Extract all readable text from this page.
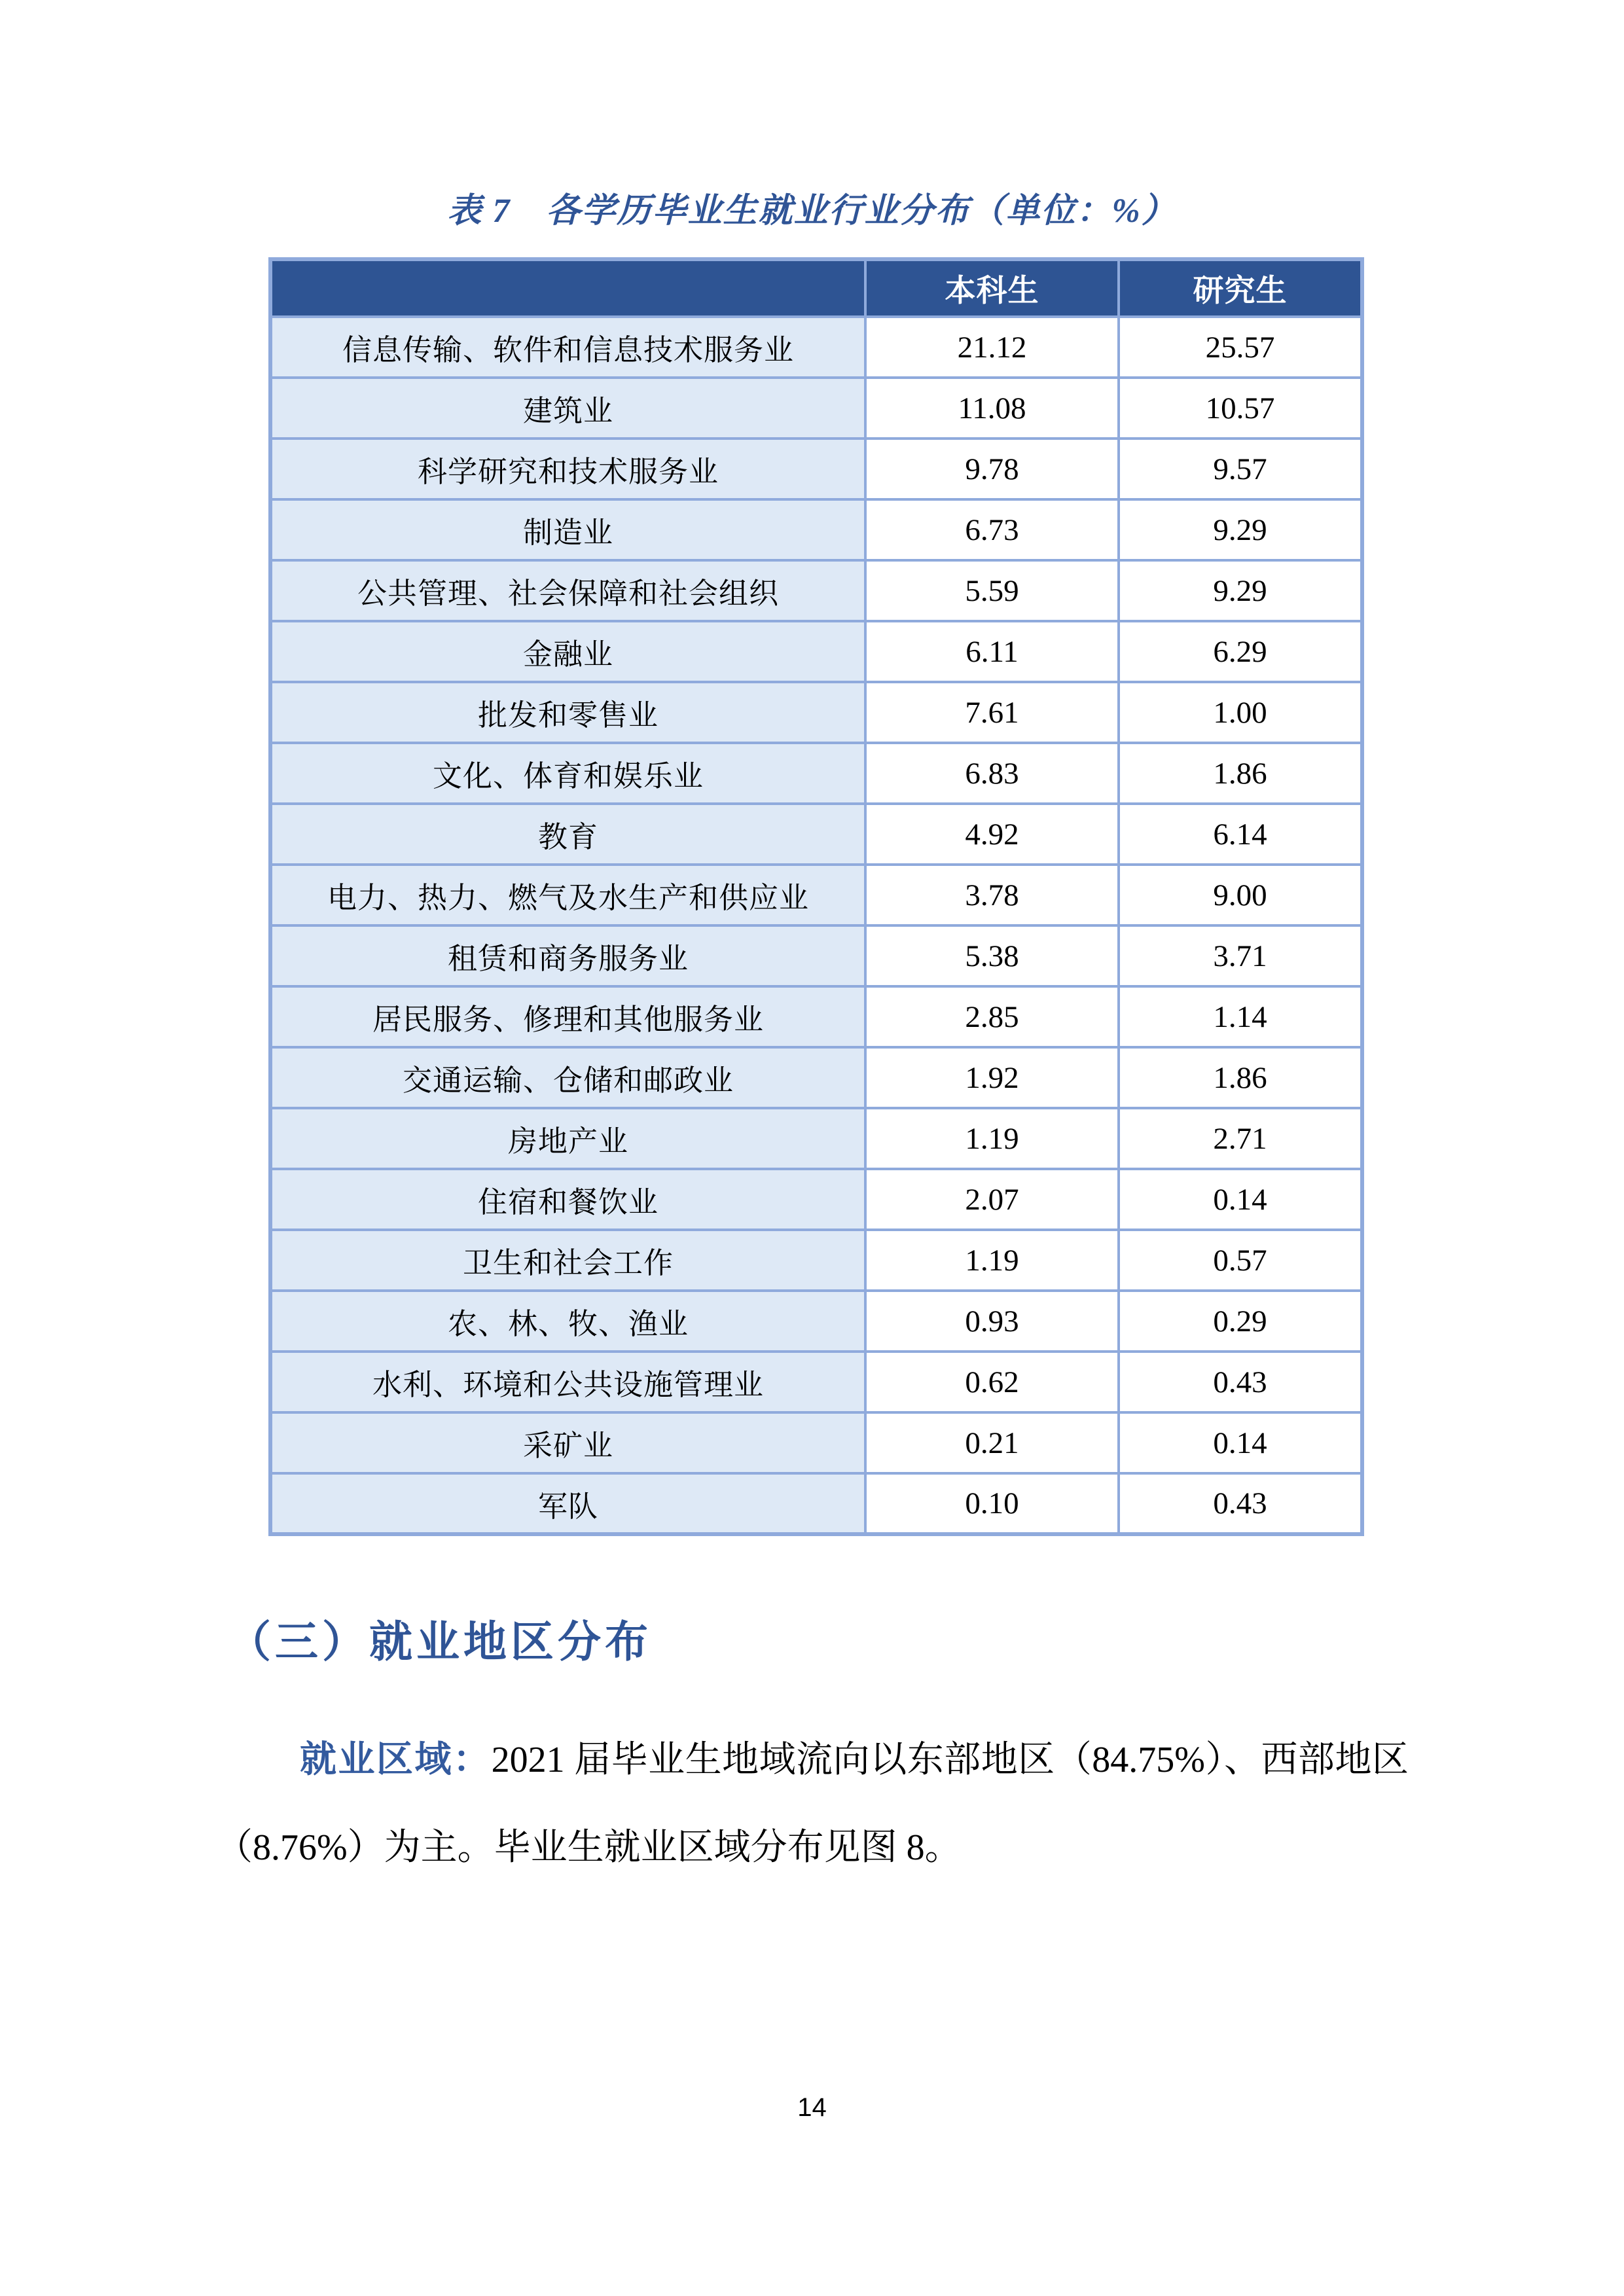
表 7　各学历毕业生就业行业分布（单位：%）
	本科生	研究生
信息传输、软件和信息技术服务业	21.12	25.57
建筑业	11.08	10.57
科学研究和技术服务业	9.78	9.57
制造业	6.73	9.29
公共管理、社会保障和社会组织	5.59	9.29
金融业	6.11	6.29
批发和零售业	7.61	1.00
文化、体育和娱乐业	6.83	1.86
教育	4.92	6.14
电力、热力、燃气及水生产和供应业	3.78	9.00
租赁和商务服务业	5.38	3.71
居民服务、修理和其他服务业	2.85	1.14
交通运输、仓储和邮政业	1.92	1.86
房地产业	1.19	2.71
住宿和餐饮业	2.07	0.14
卫生和社会工作	1.19	0.57
农、林、牧、渔业	0.93	0.29
水利、环境和公共设施管理业	0.62	0.43
采矿业	0.21	0.14
军队	0.10	0.43
（三）就业地区分布

就业区域：2021 届毕业生地域流向以东部地区（84.75%）、西部地区（8.76%）为主。毕业生就业区域分布见图 8。

14
